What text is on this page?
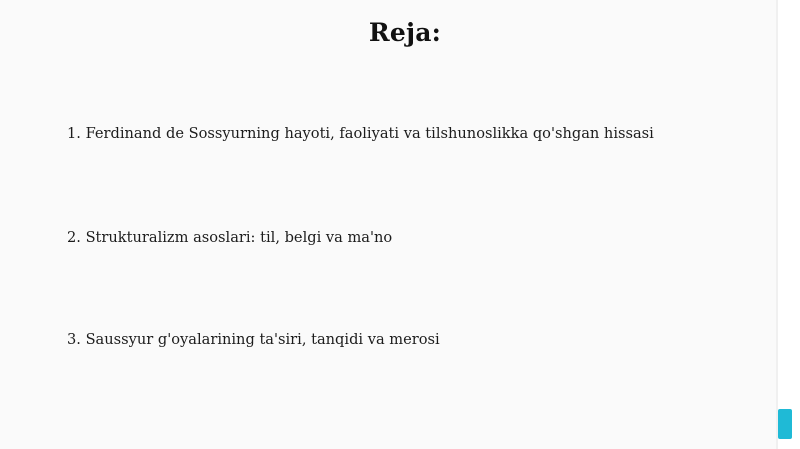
Reja:
1. Ferdinand de Sossyurning hayoti, faoliyati va tilshunoslikka qo'shgan hissasi
2. Strukturalizm asoslari: til, belgi va ma'no
3. Saussyur g'oyalarining ta'siri, tanqidi va merosi
